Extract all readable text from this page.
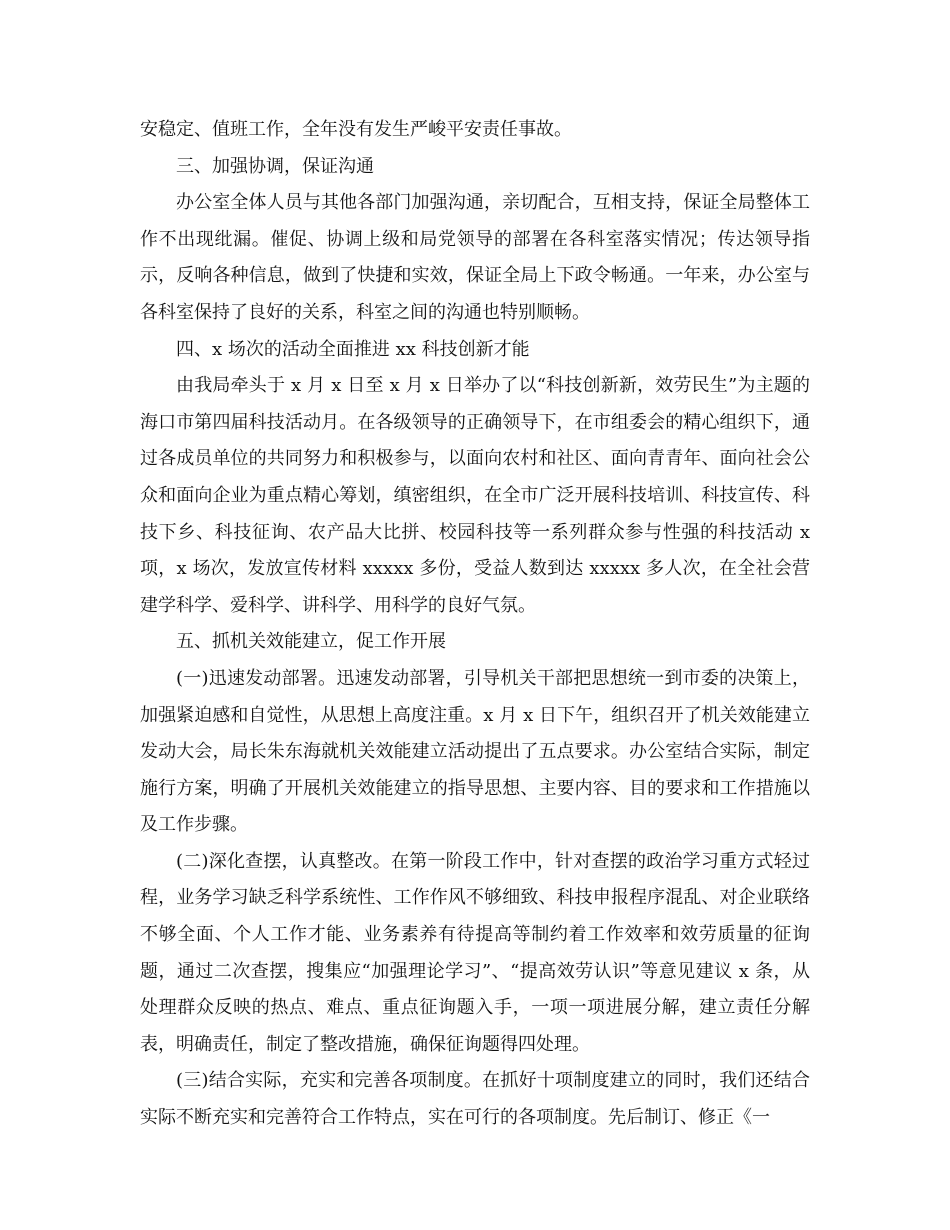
安稳定、值班工作，全年没有发生严峻平安责任事故。

三、加强协调，保证沟通

办公室全体人员与其他各部门加强沟通，亲切配合，互相支持，保证全局整体工作不出现纰漏。催促、协调上级和局党领导的部署在各科室落实情况；传达领导指示，反响各种信息，做到了快捷和实效，保证全局上下政令畅通。一年来，办公室与各科室保持了良好的关系，科室之间的沟通也特别顺畅。

四、x 场次的活动全面推进 xx 科技创新才能

由我局牵头于 x 月 x 日至 x 月 x 日举办了以“科技创新新，效劳民生”为主题的海口市第四届科技活动月。在各级领导的正确领导下，在市组委会的精心组织下，通过各成员单位的共同努力和积极参与，以面向农村和社区、面向青青年、面向社会公众和面向企业为重点精心筹划，缜密组织，在全市广泛开展科技培训、科技宣传、科技下乡、科技征询、农产品大比拼、校园科技等一系列群众参与性强的科技活动 x 项，x 场次，发放宣传材料 xxxxx 多份，受益人数到达 xxxxx 多人次，在全社会营建学科学、爱科学、讲科学、用科学的良好气氛。

五、抓机关效能建立，促工作开展

(一)迅速发动部署。迅速发动部署，引导机关干部把思想统一到市委的决策上，加强紧迫感和自觉性，从思想上高度注重。x 月 x 日下午，组织召开了机关效能建立发动大会，局长朱东海就机关效能建立活动提出了五点要求。办公室结合实际，制定施行方案，明确了开展机关效能建立的指导思想、主要内容、目的要求和工作措施以及工作步骤。

(二)深化查摆，认真整改。在第一阶段工作中，针对查摆的政治学习重方式轻过程，业务学习缺乏科学系统性、工作作风不够细致、科技申报程序混乱、对企业联络不够全面、个人工作才能、业务素养有待提高等制约着工作效率和效劳质量的征询题，通过二次查摆，搜集应“加强理论学习”、“提高效劳认识”等意见建议 x 条，从处理群众反映的热点、难点、重点征询题入手，一项一项进展分解，建立责任分解表，明确责任，制定了整改措施，确保征询题得四处理。

(三)结合实际，充实和完善各项制度。在抓好十项制度建立的同时，我们还结合实际不断充实和完善符合工作特点，实在可行的各项制度。先后制订、修正《一
